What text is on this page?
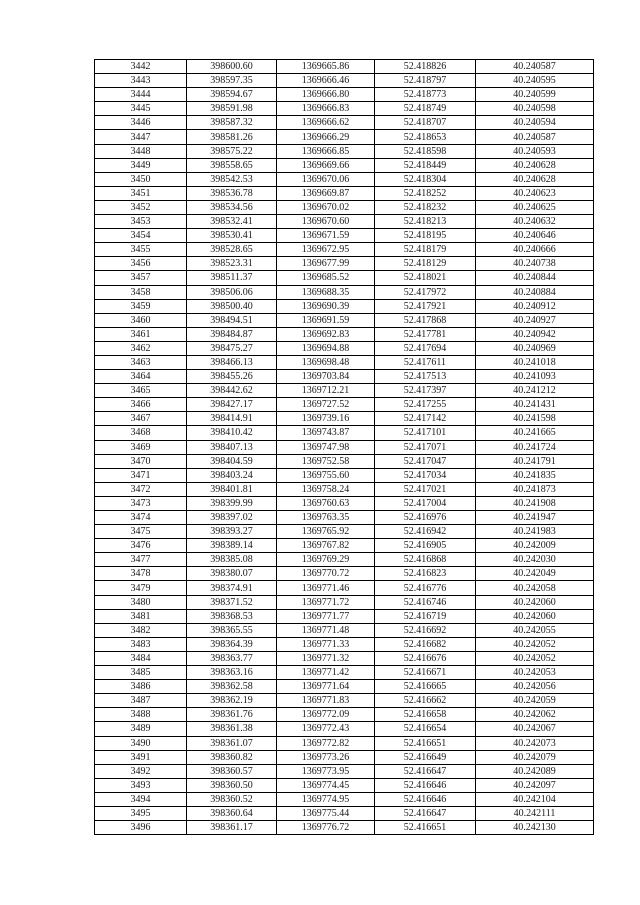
3442	398600.60	1369665.86	52.418826	40.240587
3443	398597.35	1369666.46	52.418797	40.240595
3444	398594.67	1369666.80	52.418773	40.240599
3445	398591.98	1369666.83	52.418749	40.240598
3446	398587.32	1369666.62	52.418707	40.240594
3447	398581.26	1369666.29	52.418653	40.240587
3448	398575.22	1369666.85	52.418598	40.240593
3449	398558.65	1369669.66	52.418449	40.240628
3450	398542.53	1369670.06	52.418304	40.240628
3451	398536.78	1369669.87	52.418252	40.240623
3452	398534.56	1369670.02	52.418232	40.240625
3453	398532.41	1369670.60	52.418213	40.240632
3454	398530.41	1369671.59	52.418195	40.240646
3455	398528.65	1369672.95	52.418179	40.240666
3456	398523.31	1369677.99	52.418129	40.240738
3457	398511.37	1369685.52	52.418021	40.240844
3458	398506.06	1369688.35	52.417972	40.240884
3459	398500.40	1369690.39	52.417921	40.240912
3460	398494.51	1369691.59	52.417868	40.240927
3461	398484.87	1369692.83	52.417781	40.240942
3462	398475.27	1369694.88	52.417694	40.240969
3463	398466.13	1369698.48	52.417611	40.241018
3464	398455.26	1369703.84	52.417513	40.241093
3465	398442.62	1369712.21	52.417397	40.241212
3466	398427.17	1369727.52	52.417255	40.241431
3467	398414.91	1369739.16	52.417142	40.241598
3468	398410.42	1369743.87	52.417101	40.241665
3469	398407.13	1369747.98	52.417071	40.241724
3470	398404.59	1369752.58	52.417047	40.241791
3471	398403.24	1369755.60	52.417034	40.241835
3472	398401.81	1369758.24	52.417021	40.241873
3473	398399.99	1369760.63	52.417004	40.241908
3474	398397.02	1369763.35	52.416976	40.241947
3475	398393.27	1369765.92	52.416942	40.241983
3476	398389.14	1369767.82	52.416905	40.242009
3477	398385.08	1369769.29	52.416868	40.242030
3478	398380.07	1369770.72	52.416823	40.242049
3479	398374.91	1369771.46	52.416776	40.242058
3480	398371.52	1369771.72	52.416746	40.242060
3481	398368.53	1369771.77	52.416719	40.242060
3482	398365.55	1369771.48	52.416692	40.242055
3483	398364.39	1369771.33	52.416682	40.242052
3484	398363.77	1369771.32	52.416676	40.242052
3485	398363.16	1369771.42	52.416671	40.242053
3486	398362.58	1369771.64	52.416665	40.242056
3487	398362.19	1369771.83	52.416662	40.242059
3488	398361.76	1369772.09	52.416658	40.242062
3489	398361.38	1369772.43	52.416654	40.242067
3490	398361.07	1369772.82	52.416651	40.242073
3491	398360.82	1369773.26	52.416649	40.242079
3492	398360.57	1369773.95	52.416647	40.242089
3493	398360.50	1369774.45	52.416646	40.242097
3494	398360.52	1369774.95	52.416646	40.242104
3495	398360.64	1369775.44	52.416647	40.242111
3496	398361.17	1369776.72	52.416651	40.242130
